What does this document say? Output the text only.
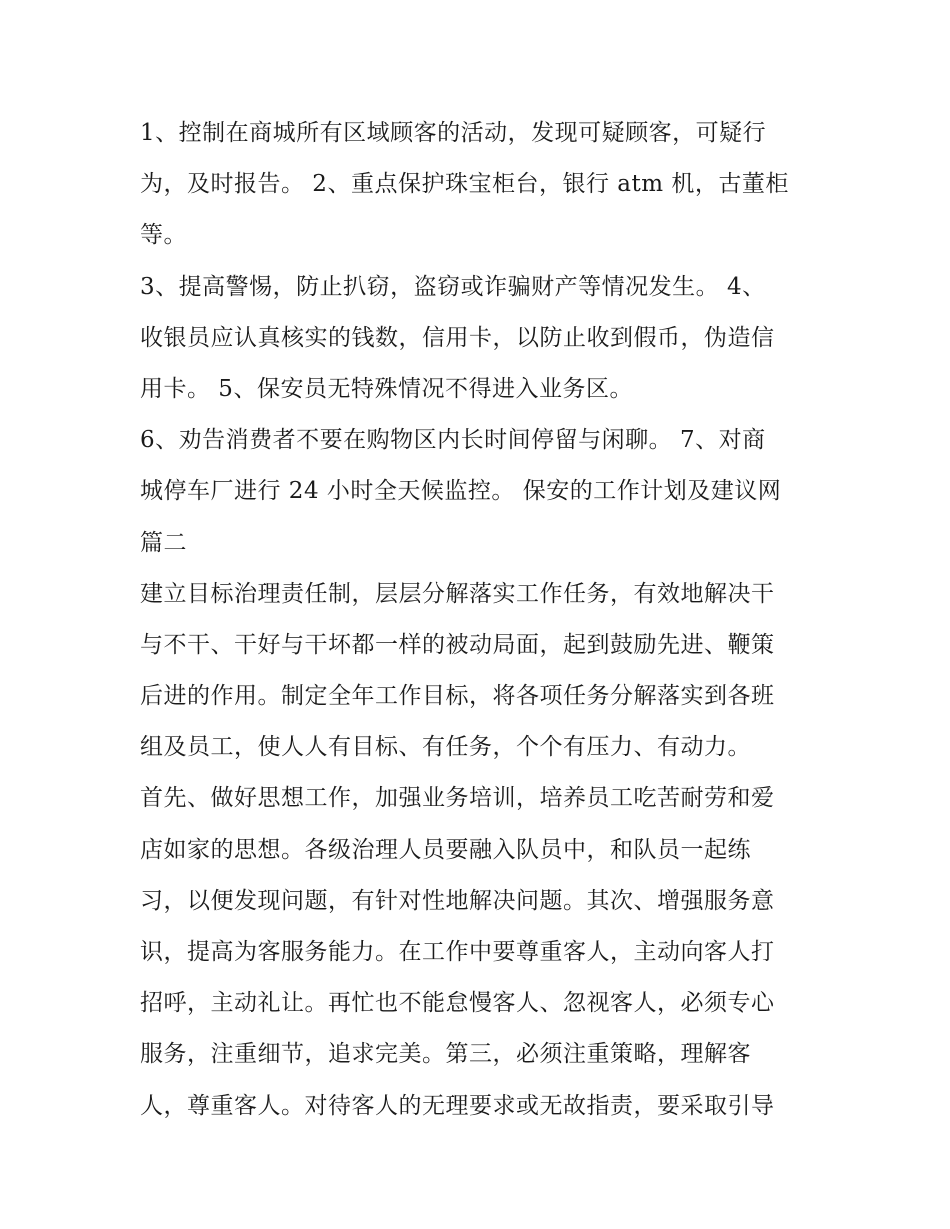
1、控制在商城所有区域顾客的活动，发现可疑顾客，可疑行
为，及时报告。 2、重点保护珠宝柜台，银行 atm 机，古董柜
等。
3、提高警惕，防止扒窃，盗窃或诈骗财产等情况发生。 4、
收银员应认真核实的钱数，信用卡，以防止收到假币，伪造信
用卡。 5、保安员无特殊情况不得进入业务区。
6、劝告消费者不要在购物区内长时间停留与闲聊。 7、对商
城停车厂进行 24 小时全天候监控。 保安的工作计划及建议网
篇二
建立目标治理责任制，层层分解落实工作任务，有效地解决干
与不干、干好与干坏都一样的被动局面，起到鼓励先进、鞭策
后进的作用。制定全年工作目标，将各项任务分解落实到各班
组及员工，使人人有目标、有任务，个个有压力、有动力。
首先、做好思想工作，加强业务培训，培养员工吃苦耐劳和爱
店如家的思想。各级治理人员要融入队员中，和队员一起练
习，以便发现问题，有针对性地解决问题。其次、增强服务意
识，提高为客服务能力。在工作中要尊重客人，主动向客人打
招呼，主动礼让。再忙也不能怠慢客人、忽视客人，必须专心
服务，注重细节，追求完美。第三，必须注重策略，理解客
人，尊重客人。对待客人的无理要求或无故指责，要采取引导
